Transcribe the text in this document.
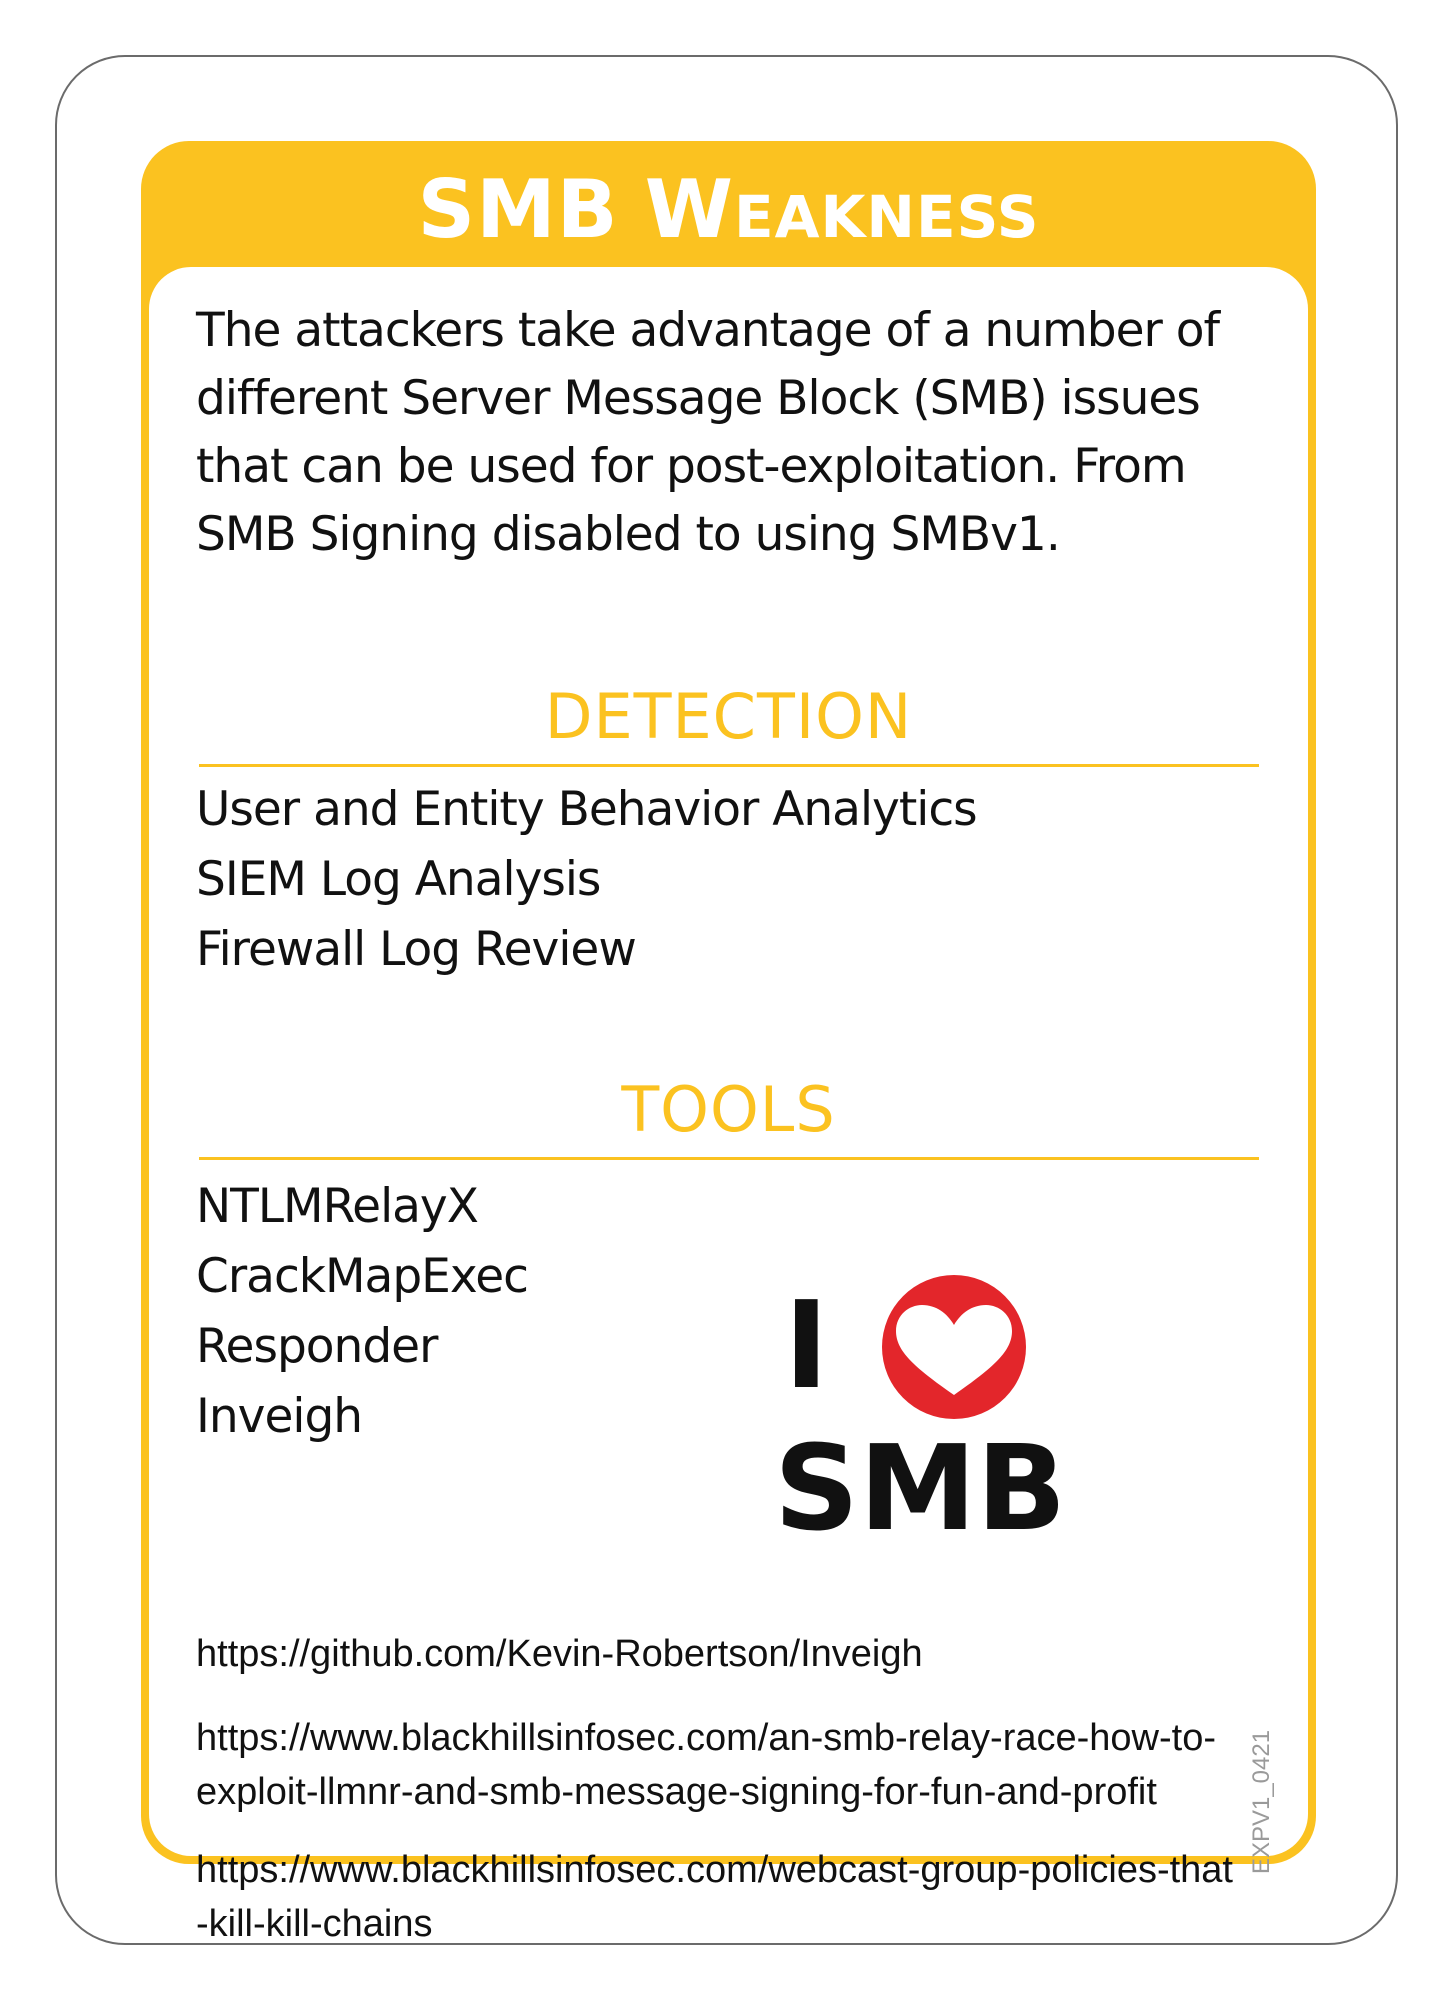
SMB WEAKNESS

The attackers take advantage of a number of different Server Message Block (SMB) issues that can be used for post-exploitation. From SMB Signing disabled to using SMBv1.

DETECTION
User and Entity Behavior Analytics
SIEM Log Analysis
Firewall Log Review
TOOLS
NTLMRelayX
CrackMapExec
Responder
Inveigh
I
SMB
https://github.com/Kevin-Robertson/Inveigh
https://www.blackhillsinfosec.com/an-smb-relay-race-how-to-exploit-llmnr-and-smb-message-signing-for-fun-and-profit
https://www.blackhillsinfosec.com/webcast-group-policies-that-kill-kill-chains
EXPV1_0421
